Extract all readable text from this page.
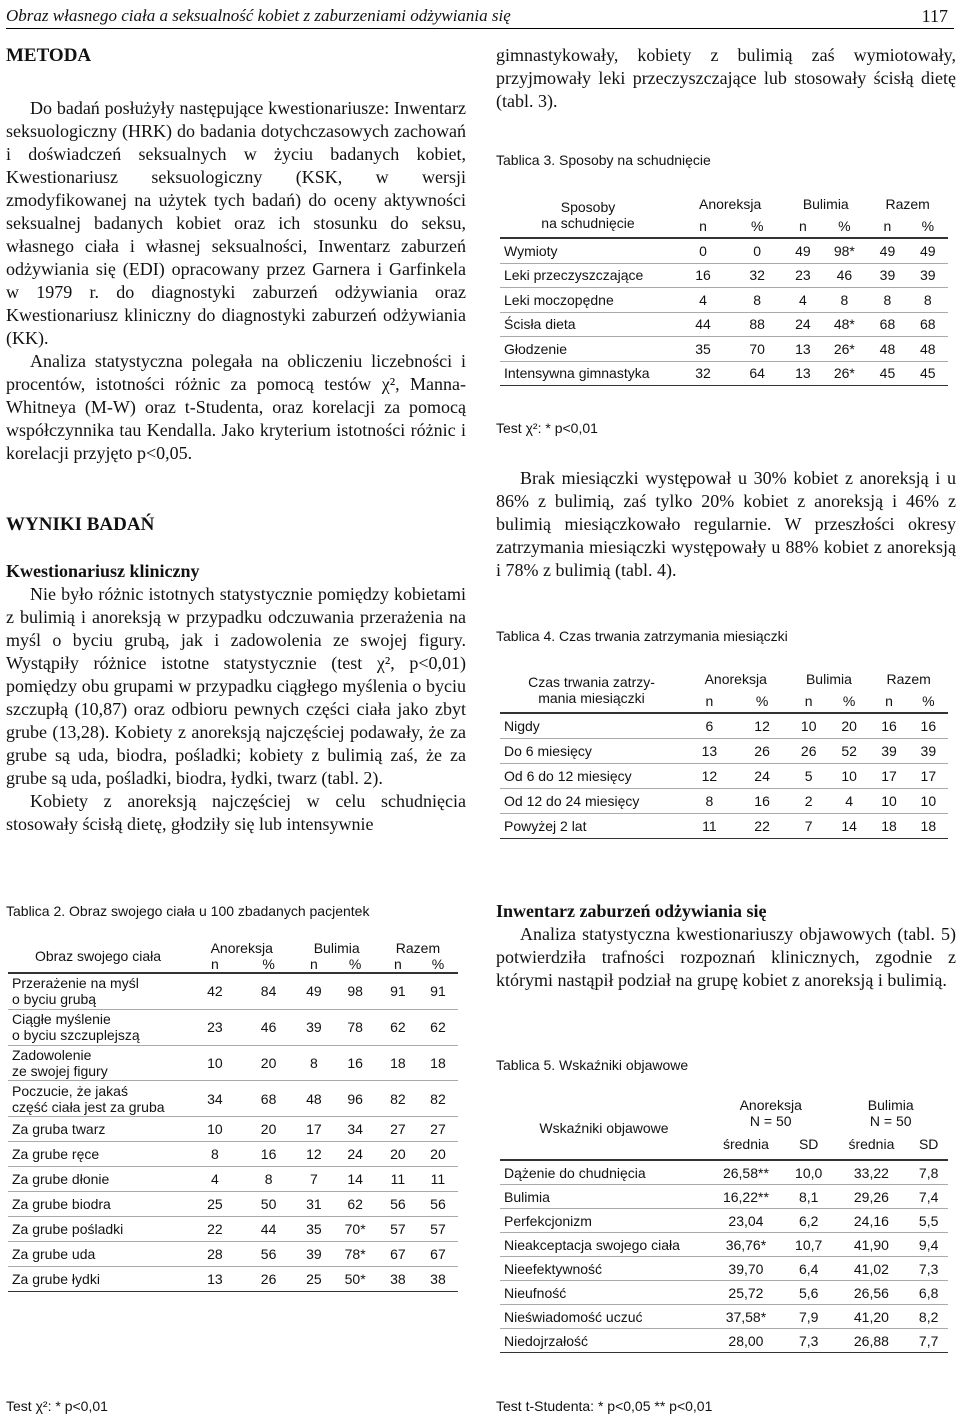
Obraz własnego ciała a seksualność kobiet z zaburzeniami odżywiania się	117
METODA

Do badań posłużyły następujące kwestionariusze: Inwentarz seksuologiczny (HRK) do badania dotychczasowych zachowań i doświadczeń seksualnych w życiu badanych kobiet, Kwestionariusz seksuologiczny (KSK, w wersji zmodyfikowanej na użytek tych badań) do oceny aktywności seksualnej badanych kobiet oraz ich stosunku do seksu, własnego ciała i własnej seksualności, Inwentarz zaburzeń odżywiania się (EDI) opracowany przez Garnera i Garfinkela w 1979 r. do diagnostyki zaburzeń odżywiania oraz Kwestionariusz kliniczny do diagnostyki zaburzeń odżywiania (KK).

Analiza statystyczna polegała na obliczeniu liczebności i procentów, istotności różnic za pomocą testów χ², Manna-Whitneya (M-W) oraz t-Studenta, oraz korelacji za pomocą współczynnika tau Kendalla. Jako kryterium istotności różnic i korelacji przyjęto p<0,05.

WYNIKI BADAŃ
Kwestionariusz kliniczny

Nie było różnic istotnych statystycznie pomiędzy kobietami z bulimią i anoreksją w przypadku odczuwania przerażenia na myśl o byciu grubą, jak i zadowolenia ze swojej figury. Wystąpiły różnice istotne statystycznie (test χ², p<0,01) pomiędzy obu grupami w przypadku ciągłego myślenia o byciu szczupłą (10,87) oraz odbioru pewnych części ciała jako zbyt grube (13,28). Kobiety z anoreksją najczęściej podawały, że za grube są uda, biodra, pośladki; kobiety z bulimią zaś, że za grube są uda, pośladki, biodra, łydki, twarz (tabl. 2).

Kobiety z anoreksją najczęściej w celu schudnięcia stosowały ścisłą dietę, głodziły się lub intensywnie

gimnastykowały, kobiety z bulimią zaś wymiotowały, przyjmowały leki przeczyszczające lub stosowały ścisłą dietę (tabl. 3).

Tablica 3. Sposoby na schudnięcie
Sposoby
na schudnięcie	Anoreksja		Bulimia		Razem	
	n	%	n	%	n	%
Wymioty	0	0	49	98*	49	49
Leki przeczyszczające	16	32	23	46	39	39
Leki moczopędne	4	8	4	8	8	8
Ścisła dieta	44	88	24	48*	68	68
Głodzenie	35	70	13	26*	48	48
Intensywna gimnastyka	32	64	13	26*	45	45
Test χ²: * p<0,01

Brak miesiączki występował u 30% kobiet z anoreksją i u 86% z bulimią, zaś tylko 20% kobiet z anoreksją i 46% z bulimią miesiączkowało regularnie. W przeszłości okresy zatrzymania miesiączki występowały u 88% kobiet z anoreksją i 78% z bulimią (tabl. 4).

Tablica 4. Czas trwania zatrzymania miesiączki
Czas trwania zatrzy-
mania miesiączki	Anoreksja		Bulimia		Razem	
	n	%	n	%	n	%
Nigdy	6	12	10	20	16	16
Do 6 miesięcy	13	26	26	52	39	39
Od 6 do 12 miesięcy	12	24	5	10	17	17
Od 12 do 24 miesięcy	8	16	2	4	10	10
Powyżej 2 lat	11	22	7	14	18	18
Inwentarz zaburzeń odżywiania się

Analiza statystyczna kwestionariuszy objawowych (tabl. 5) potwierdziła trafności rozpoznań klinicznych, zgodnie z którymi nastąpił podział na grupę kobiet z anoreksją i bulimią.

Tablica 5. Wskaźniki objawowe
Wskaźniki objawowe	Anoreksja
N = 50		Bulimia
N = 50	
	średnia	SD	średnia	SD
Dążenie do chudnięcia	26,58**	10,0	33,22	7,8
Bulimia	16,22**	8,1	29,26	7,4
Perfekcjonizm	23,04	6,2	24,16	5,5
Nieakceptacja swojego ciała	36,76*	10,7	41,90	9,4
Nieefektywność	39,70	6,4	41,02	7,3
Nieufność	25,72	5,6	26,56	6,8
Nieświadomość uczuć	37,58*	7,9	41,20	8,2
Niedojrzałość	28,00	7,3	26,88	7,7
Test t-Studenta: * p<0,05 ** p<0,01
Tablica 2. Obraz swojego ciała u 100 zbadanych pacjentek
Obraz swojego ciała	Anoreksja		Bulimia		Razem	
	n	%	n	%	n	%
Przerażenie na myśl
o byciu grubą	42	84	49	98	91	91
Ciągłe myślenie
o byciu szczuplejszą	23	46	39	78	62	62
Zadowolenie
ze swojej figury	10	20	8	16	18	18
Poczucie, że jakaś
część ciała jest za gruba	34	68	48	96	82	82
Za gruba twarz	10	20	17	34	27	27
Za grube ręce	8	16	12	24	20	20
Za grube dłonie	4	8	7	14	11	11
Za grube biodra	25	50	31	62	56	56
Za grube pośladki	22	44	35	70*	57	57
Za grube uda	28	56	39	78*	67	67
Za grube łydki	13	26	25	50*	38	38
Test χ²: * p<0,01
